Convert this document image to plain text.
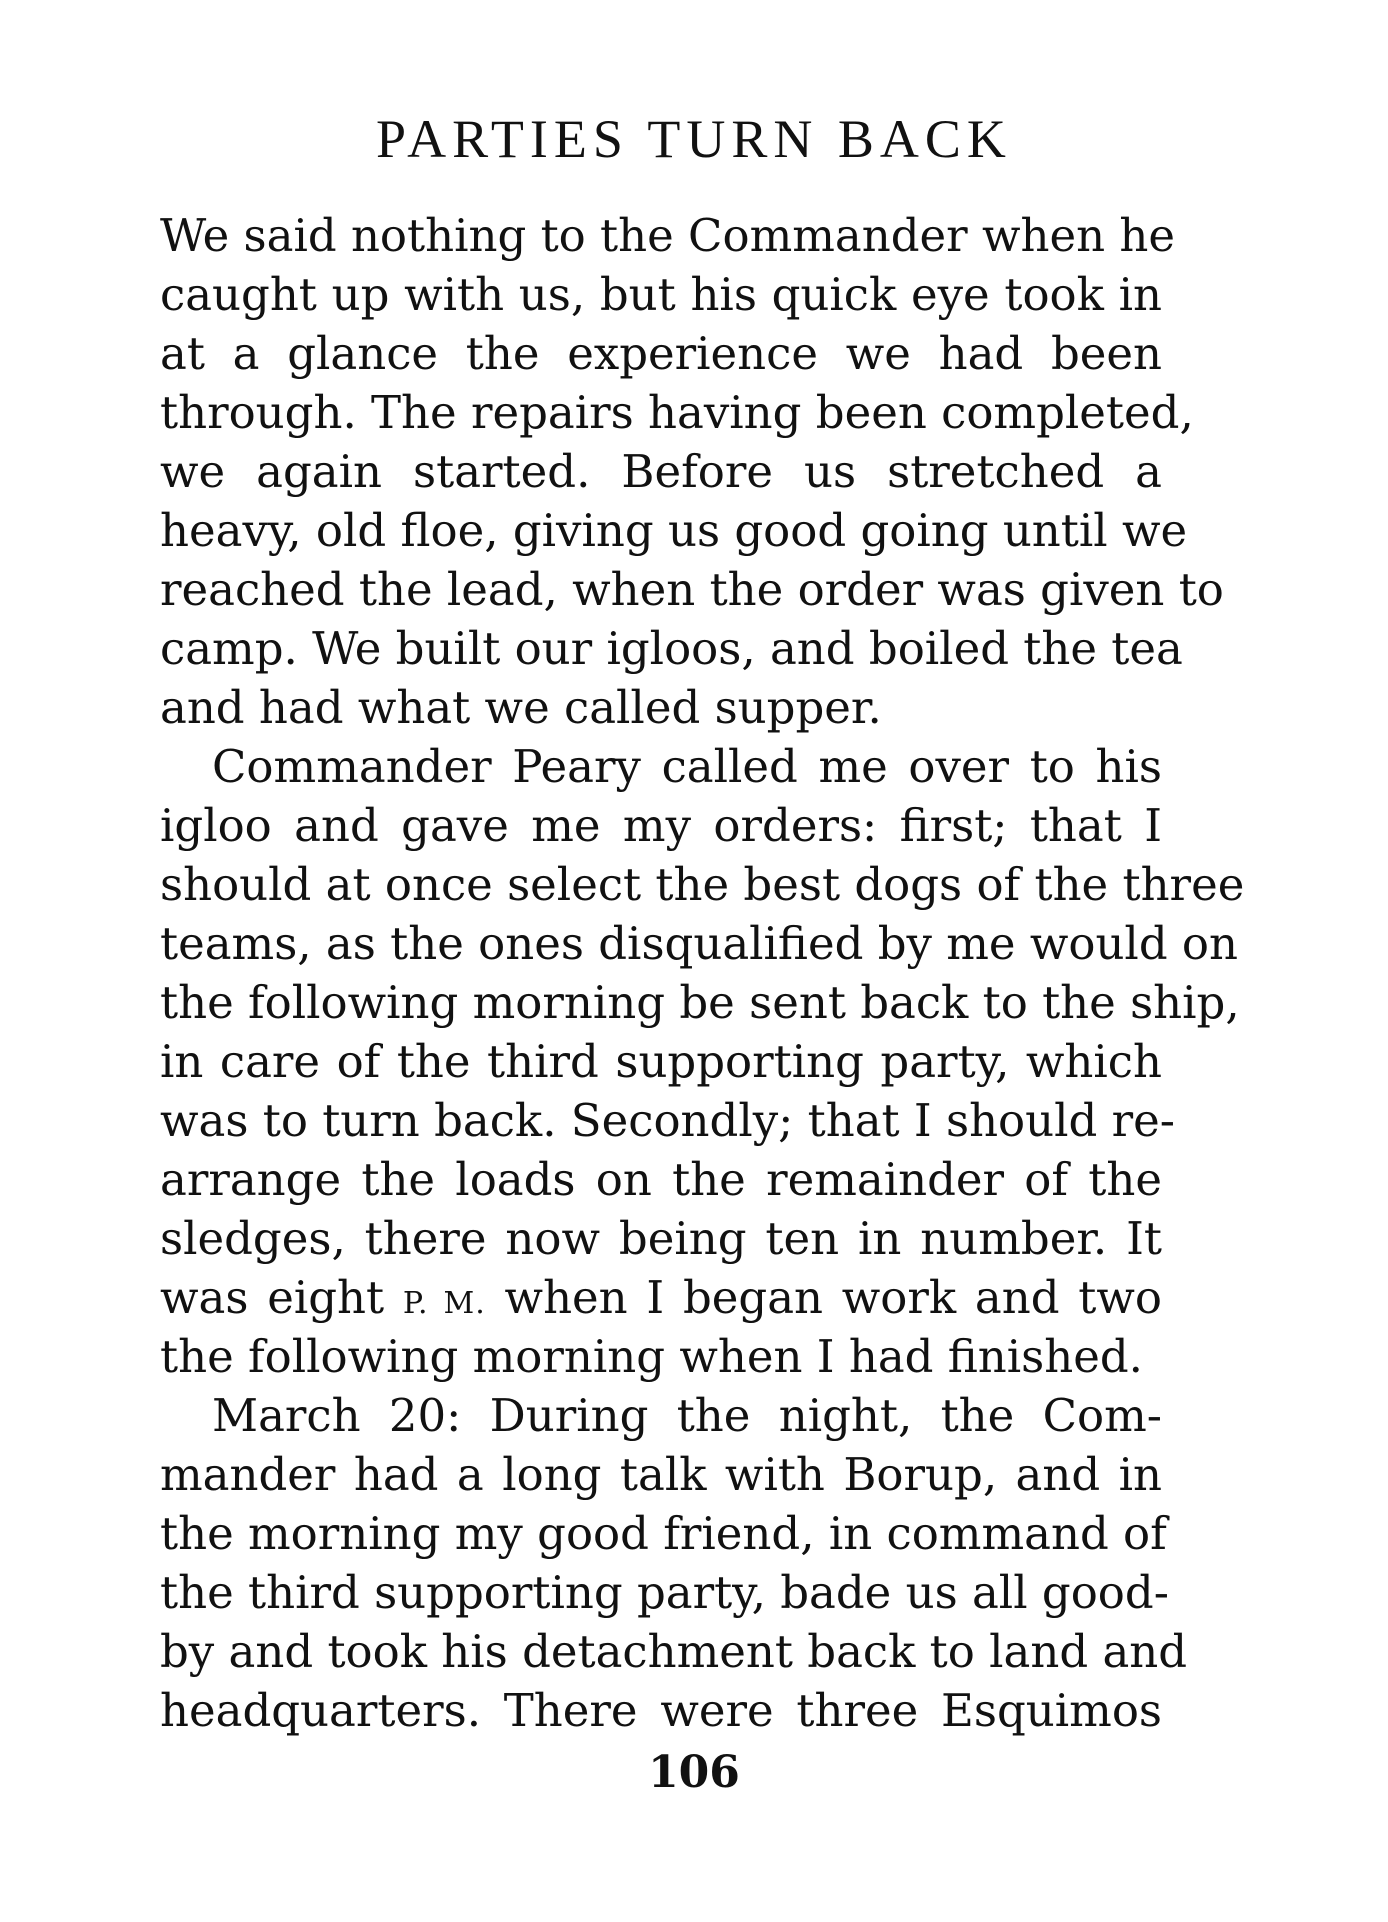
PARTIES TURN BACK
We said nothing to the Commander when he
caught up with us, but his quick eye took in
at a glance the experience we had been
through. The repairs having been completed,
we again started. Before us stretched a
heavy, old floe, giving us good going until we
reached the lead, when the order was given to
camp. We built our igloos, and boiled the tea
and had what we called supper.
Commander Peary called me over to his
igloo and gave me my orders: first; that I
should at once select the best dogs of the three
teams, as the ones disqualified by me would on
the following morning be sent back to the ship,
in care of the third supporting party, which
was to turn back. Secondly; that I should re-
arrange the loads on the remainder of the
sledges, there now being ten in number. It
was eight P. M. when I began work and two
the following morning when I had finished.
March 20: During the night, the Com-
mander had a long talk with Borup, and in
the morning my good friend, in command of
the third supporting party, bade us all good-
by and took his detachment back to land and
headquarters. There were three Esquimos
106
